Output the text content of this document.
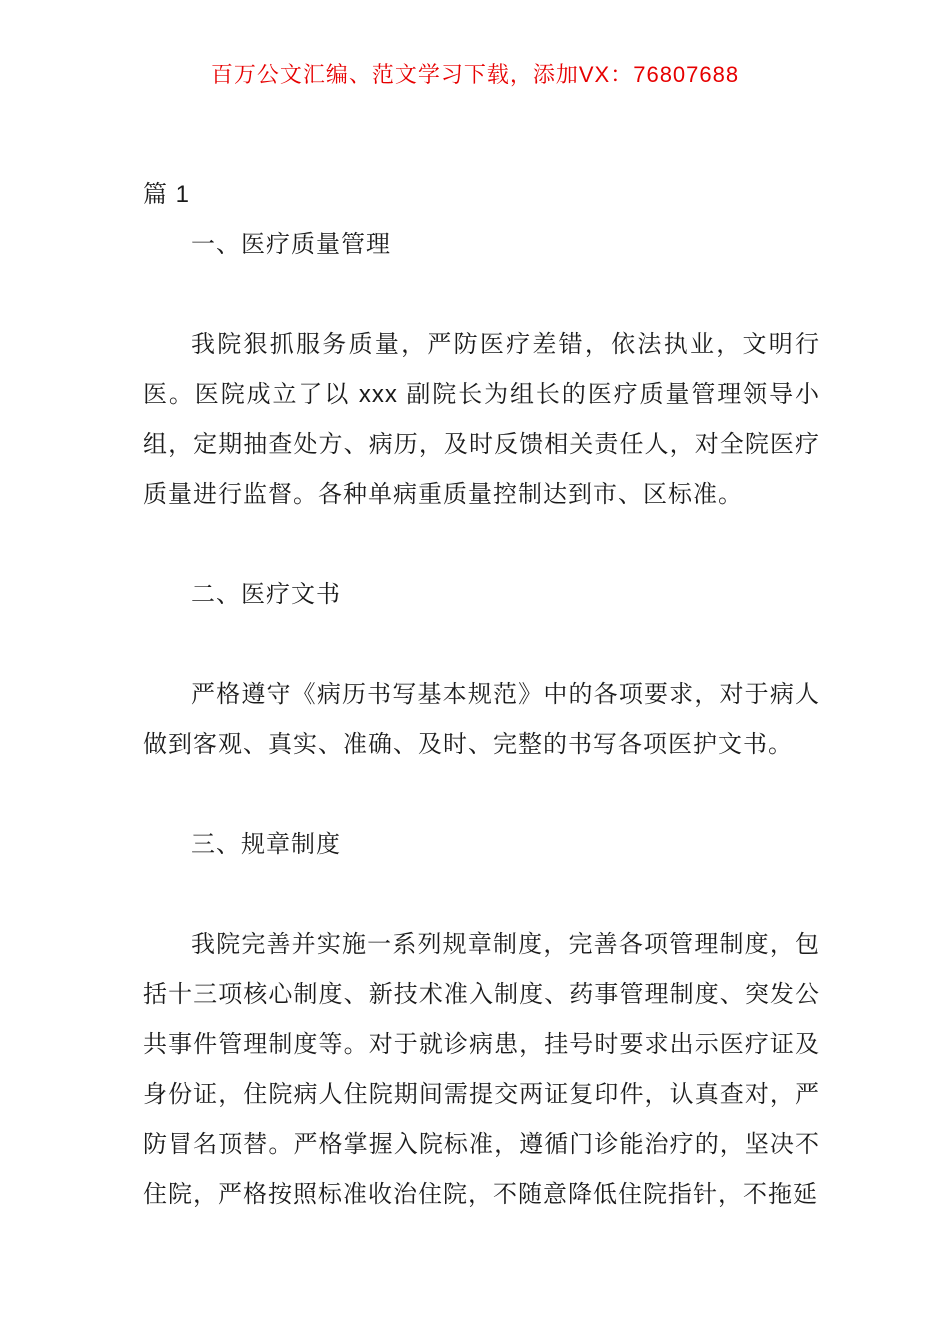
百万公文汇编、范文学习下载，添加VX：76807688

篇 1

一、医疗质量管理

我院狠抓服务质量，严防医疗差错，依法执业，文明行医。医院成立了以 xxx 副院长为组长的医疗质量管理领导小组，定期抽查处方、病历，及时反馈相关责任人，对全院医疗质量进行监督。各种单病重质量控制达到市、区标准。

二、医疗文书

严格遵守《病历书写基本规范》中的各项要求，对于病人做到客观、真实、准确、及时、完整的书写各项医护文书。

三、规章制度

我院完善并实施一系列规章制度，完善各项管理制度，包括十三项核心制度、新技术准入制度、药事管理制度、突发公共事件管理制度等。对于就诊病患，挂号时要求出示医疗证及身份证，住院病人住院期间需提交两证复印件，认真查对，严防冒名顶替。严格掌握入院标准，遵循门诊能治疗的，坚决不住院，严格按照标准收治住院，不随意降低住院指针，不拖延
